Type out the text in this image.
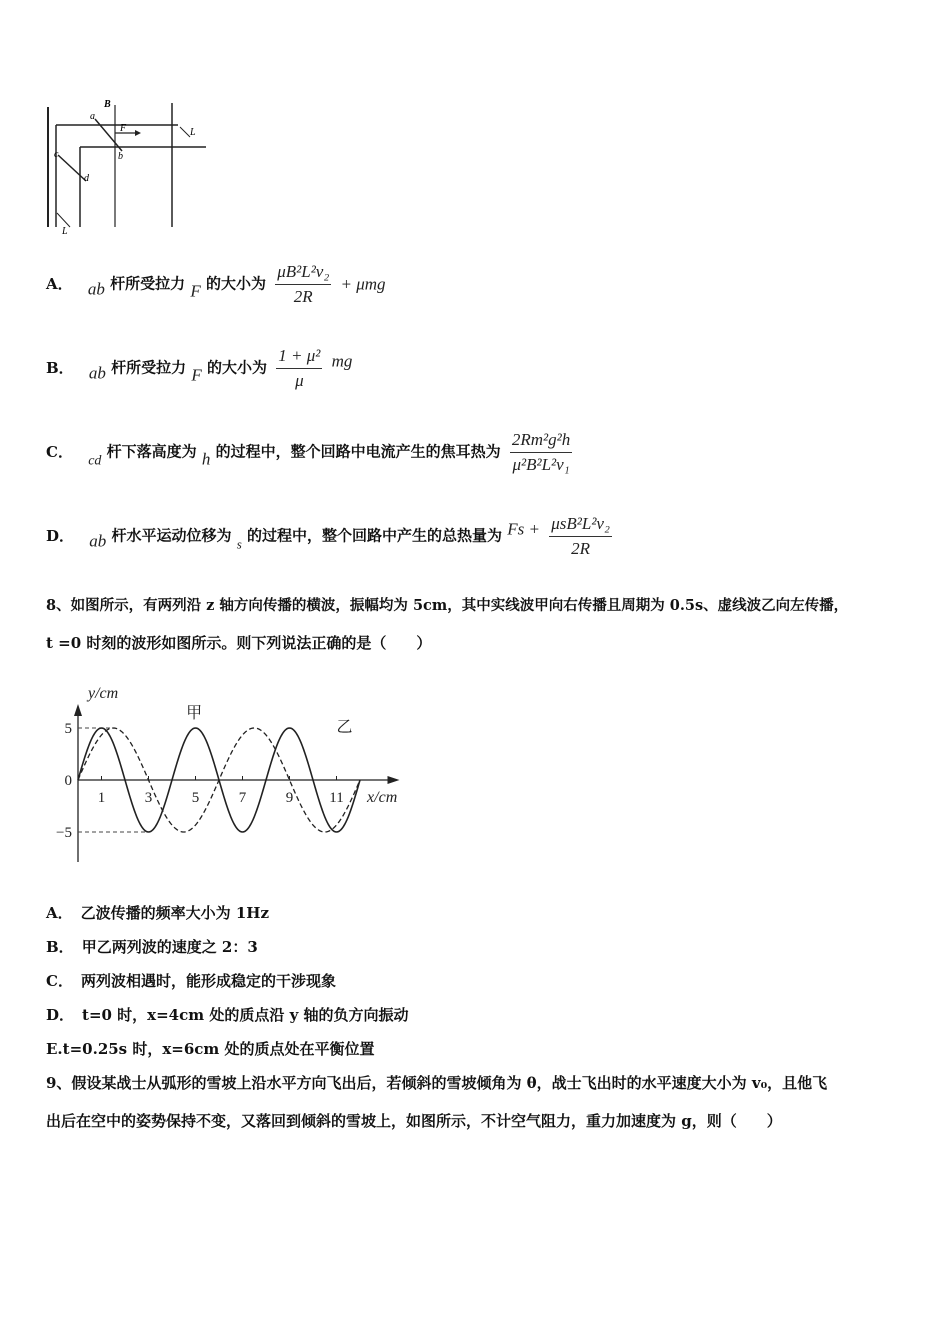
a
B
F
b
c
d
L
L
A． ab 杆所受拉力 F 的大小为 $\frac{\text{μB²L²v₂}}{2R} + \mu mg$
B． ab 杆所受拉力 F 的大小为 $\frac{\text{1 + μ²}}{\mu}$ mg
C． cd 杆下落高度为 h 的过程中，整个回路中电流产生的焦耳热为 $\frac{\text{2Rm²g²h}}{\text{μ²B²L²v₁}}$
D． ab 杆水平运动位移为 s 的过程中，整个回路中产生的总热量为 $Fs + \frac{\text{μsB²L²v₂}}{2R}$
8、如图所示，有两列沿 z 轴方向传播的横波，振幅均为 5cm，其中实线波甲向右传播且周期为 0.5s、虚线波乙向左传播，
t =0 时刻的波形如图所示。则下列说法正确的是（　　）
1	3	5	7	9 11
5
0
−5
y/cm
x/cm
甲
乙
A． 乙波传播的频率大小为 1Hz
B． 甲乙两列波的速度之 2：3
C． 两列波相遇时，能形成稳定的干涉现象
D． t=0 时，x=4cm 处的质点沿 y 轴的负方向振动
E.t=0.25s 时，x=6cm 处的质点处在平衡位置
9、假设某战士从弧形的雪坡上沿水平方向飞出后，若倾斜的雪坡倾角为 θ，战士飞出时的水平速度大小为 v₀，且他飞
出后在空中的姿势保持不变，又落回到倾斜的雪坡上，如图所示，不计空气阻力，重力加速度为 g，则（　　）
